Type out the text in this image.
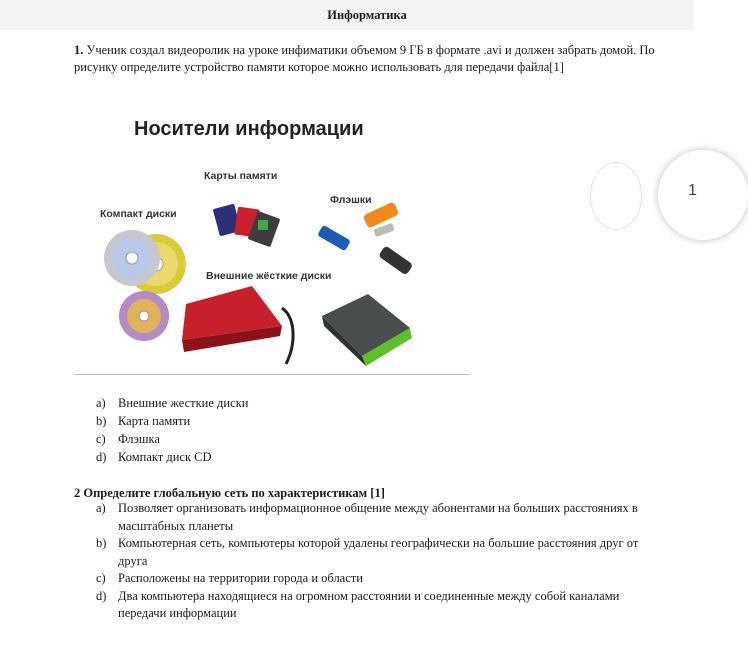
Информатика
1. Ученик создал видеоролик на уроке инфиматики объемом 9 ГБ в формате .avi и должен забрать домой. По рисунку определите устройство памяти которое можно использовать для передачи файла[1]
Носители информации
Карты памяти
Компакт диски
Флэшки
Внешние жёсткие диски
a) Внешние жесткие диски
b) Карта памяти
c) Флэшка
d) Компакт диск CD
2 Определите глобальную сеть по характеристикам [1]
a) Позволяет организовать информационное общение между абонентами на больших расстояниях в масштабных планеты
b) Компьютерная сеть, компьютеры которой удалены географически на большие расстояния друг от друга
c) Расположены на территории города и области
d) Два компьютера находящиеся на огромном расстоянии и соединенные между собой каналами передачи информации
1
